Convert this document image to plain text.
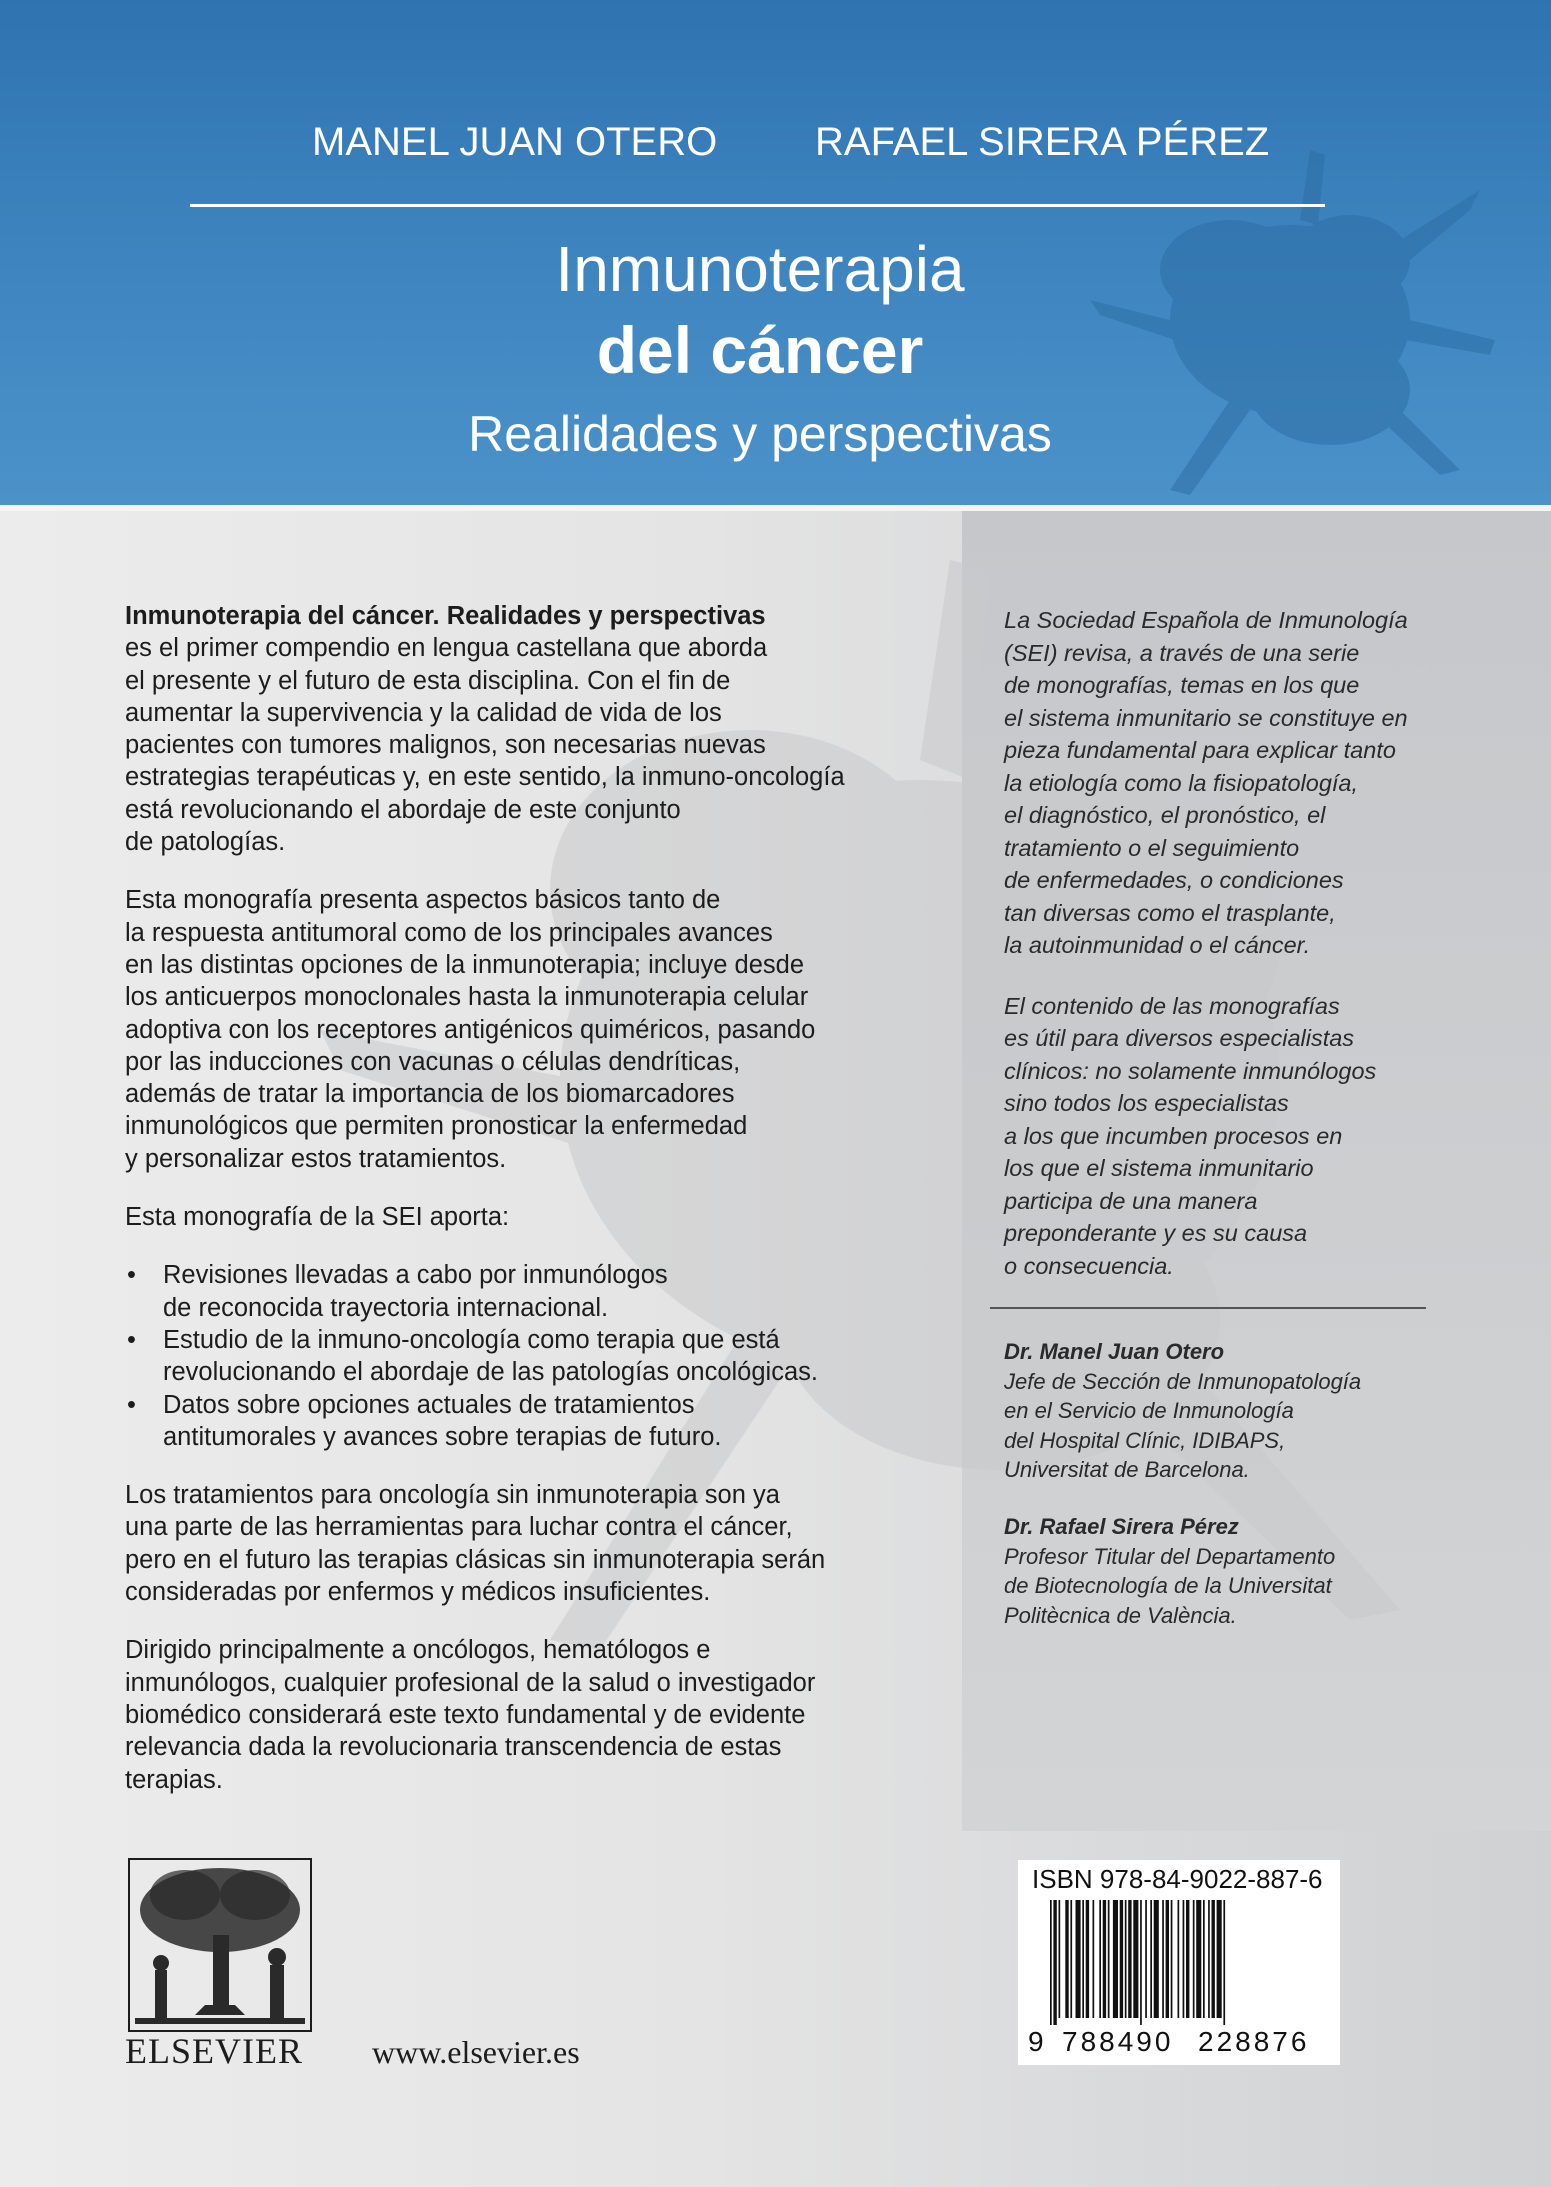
MANEL JUAN OTERO RAFAEL SIRERA PÉREZ
Inmunoterapia
del cáncer
Realidades y perspectivas
Inmunoterapia del cáncer. Realidades y perspectivas
es el primer compendio en lengua castellana que aborda
el presente y el futuro de esta disciplina. Con el fin de
aumentar la supervivencia y la calidad de vida de los
pacientes con tumores malignos, son necesarias nuevas
estrategias terapéuticas y, en este sentido, la inmuno-oncología
está revolucionando el abordaje de este conjunto
de patologías.
Esta monografía presenta aspectos básicos tanto de
la respuesta antitumoral como de los principales avances
en las distintas opciones de la inmunoterapia; incluye desde
los anticuerpos monoclonales hasta la inmunoterapia celular
adoptiva con los receptores antigénicos quiméricos, pasando
por las inducciones con vacunas o células dendríticas,
además de tratar la importancia de los biomarcadores
inmunológicos que permiten pronosticar la enfermedad
y personalizar estos tratamientos.
Esta monografía de la SEI aporta:
• Revisiones llevadas a cabo por inmunólogos
de reconocida trayectoria internacional.
• Estudio de la inmuno-oncología como terapia que está
revolucionando el abordaje de las patologías oncológicas.
• Datos sobre opciones actuales de tratamientos
antitumorales y avances sobre terapias de futuro.
Los tratamientos para oncología sin inmunoterapia son ya
una parte de las herramientas para luchar contra el cáncer,
pero en el futuro las terapias clásicas sin inmunoterapia serán
consideradas por enfermos y médicos insuficientes.
Dirigido principalmente a oncólogos, hematólogos e
inmunólogos, cualquier profesional de la salud o investigador
biomédico considerará este texto fundamental y de evidente
relevancia dada la revolucionaria transcendencia de estas
terapias.
La Sociedad Española de Inmunología
(SEI) revisa, a través de una serie
de monografías, temas en los que
el sistema inmunitario se constituye en
pieza fundamental para explicar tanto
la etiología como la fisiopatología,
el diagnóstico, el pronóstico, el
tratamiento o el seguimiento
de enfermedades, o condiciones
tan diversas como el trasplante,
la autoinmunidad o el cáncer.
El contenido de las monografías
es útil para diversos especialistas
clínicos: no solamente inmunólogos
sino todos los especialistas
a los que incumben procesos en
los que el sistema inmunitario
participa de una manera
preponderante y es su causa
o consecuencia.
Dr. Manel Juan Otero
Jefe de Sección de Inmunopatología
en el Servicio de Inmunología
del Hospital Clínic, IDIBAPS,
Universitat de Barcelona.
Dr. Rafael Sirera Pérez
Profesor Titular del Departamento
de Biotecnología de la Universitat
Politècnica de València.
ELSEVIER www.elsevier.es
ISBN 978-84-9022-887-6
9 788490 228876
